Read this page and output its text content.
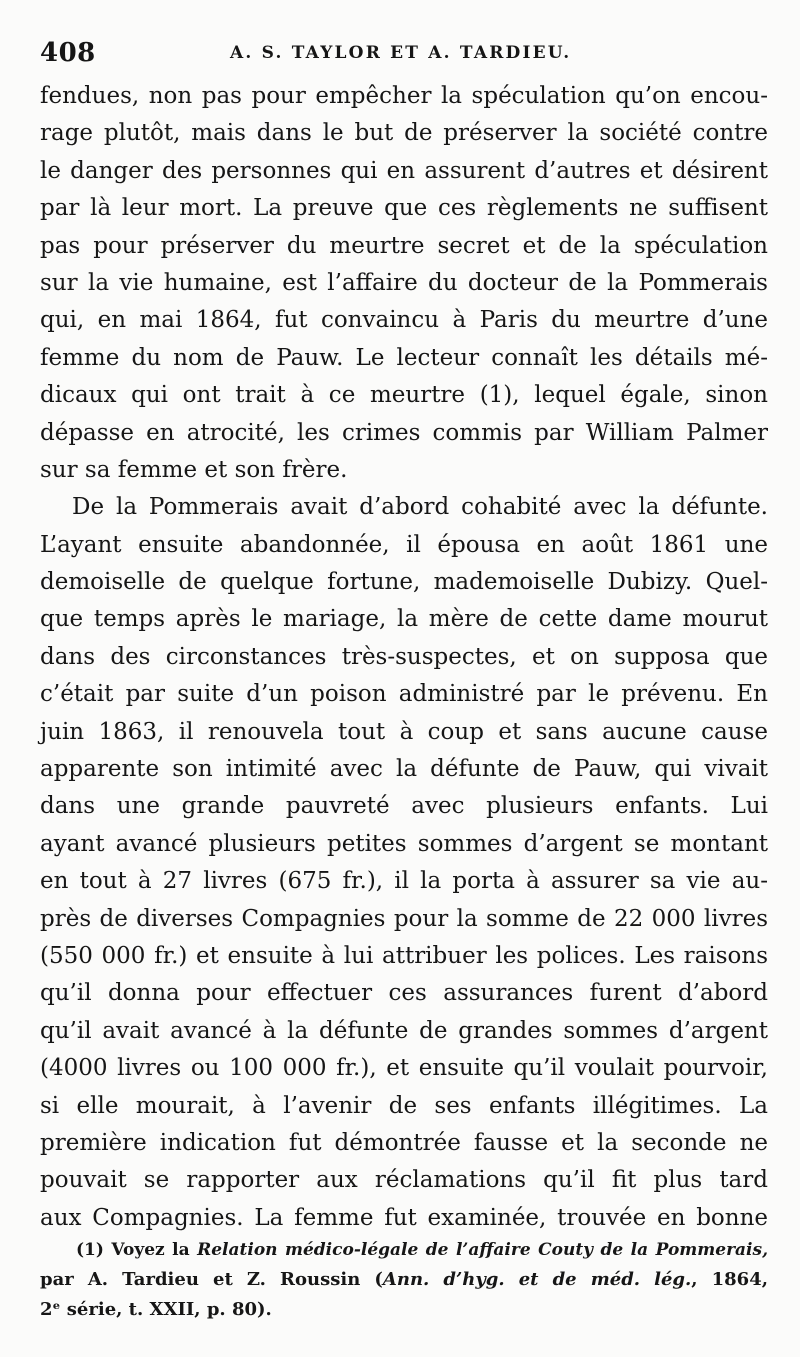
408	A. S. TAYLOR ET A. TARDIEU.
fendues, non pas pour empêcher la spéculation qu’on encou-
rage plutôt, mais dans le but de préserver la société contre
le danger des personnes qui en assurent d’autres et désirent
par là leur mort. La preuve que ces règlements ne suffisent
pas pour préserver du meurtre secret et de la spéculation
sur la vie humaine, est l’affaire du docteur de la Pommerais
qui, en mai 1864, fut convaincu à Paris du meurtre d’une
femme du nom de Pauw. Le lecteur connaît les détails mé-
dicaux qui ont trait à ce meurtre (1), lequel égale, sinon
dépasse en atrocité, les crimes commis par William Palmer
sur sa femme et son frère.
De la Pommerais avait d’abord cohabité avec la défunte.
L’ayant ensuite abandonnée, il épousa en août 1861 une
demoiselle de quelque fortune, mademoiselle Dubizy. Quel-
que temps après le mariage, la mère de cette dame mourut
dans des circonstances très-suspectes, et on supposa que
c’était par suite d’un poison administré par le prévenu. En
juin 1863, il renouvela tout à coup et sans aucune cause
apparente son intimité avec la défunte de Pauw, qui vivait
dans une grande pauvreté avec plusieurs enfants. Lui
ayant avancé plusieurs petites sommes d’argent se montant
en tout à 27 livres (675 fr.), il la porta à assurer sa vie au-
près de diverses Compagnies pour la somme de 22 000 livres
(550 000 fr.) et ensuite à lui attribuer les polices. Les raisons
qu’il donna pour effectuer ces assurances furent d’abord
qu’il avait avancé à la défunte de grandes sommes d’argent
(4000 livres ou 100 000 fr.), et ensuite qu’il voulait pourvoir,
si elle mourait, à l’avenir de ses enfants illégitimes. La
première indication fut démontrée fausse et la seconde ne
pouvait se rapporter aux réclamations qu’il fit plus tard
aux Compagnies. La femme fut examinée, trouvée en bonne
(1) Voyez la Relation médico-légale de l’affaire Couty de la Pommerais,
par A. Tardieu et Z. Roussin (Ann. d’hyg. et de méd. lég., 1864,
2ᵉ série, t. XXII, p. 80).
